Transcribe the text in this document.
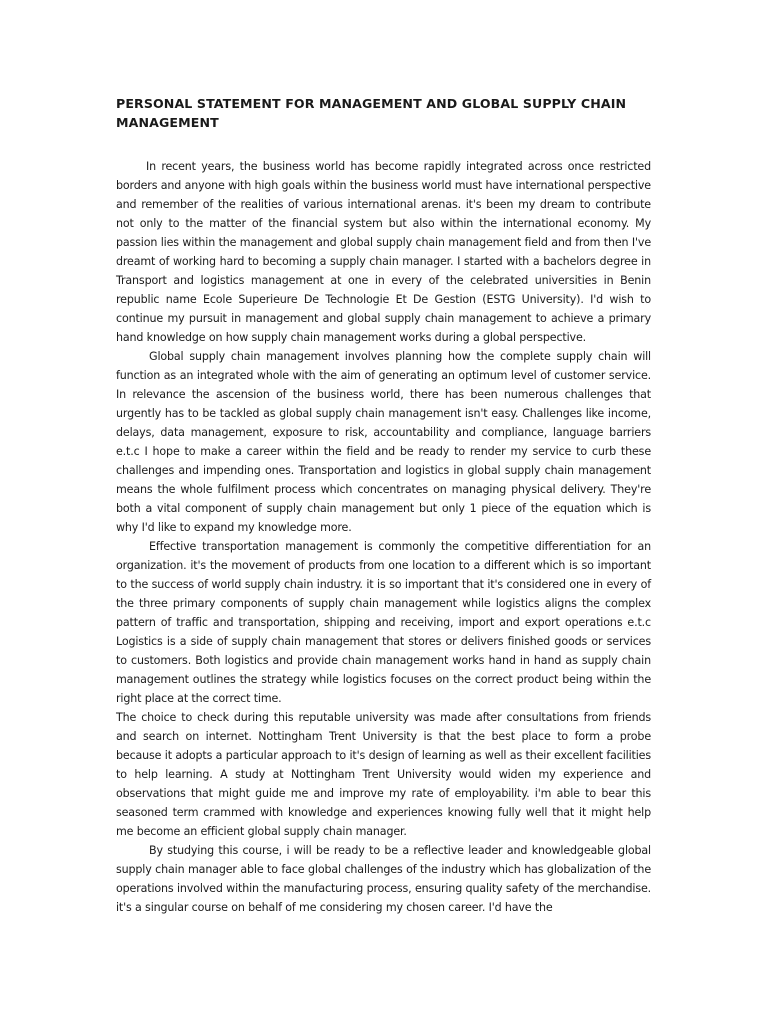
PERSONAL STATEMENT FOR MANAGEMENT AND GLOBAL SUPPLY CHAIN MANAGEMENT

In recent years, the business world has become rapidly integrated across once restricted borders and anyone with high goals within the business world must have international perspective and remember of the realities of various international arenas. it's been my dream to contribute not only to the matter of the financial system but also within the international economy. My passion lies within the management and global supply chain management field and from then I've dreamt of working hard to becoming a supply chain manager. I started with a bachelors degree in Transport and logistics management at one in every of the celebrated universities in Benin republic name Ecole Superieure De Technologie Et De Gestion (ESTG University). I'd wish to continue my pursuit in management and global supply chain management to achieve a primary hand knowledge on how supply chain management works during a global perspective.

Global supply chain management involves planning how the complete supply chain will function as an integrated whole with the aim of generating an optimum level of customer service. In relevance the ascension of the business world, there has been numerous challenges that urgently has to be tackled as global supply chain management isn't easy. Challenges like income, delays, data management, exposure to risk, accountability and compliance, language barriers e.t.c I hope to make a career within the field and be ready to render my service to curb these challenges and impending ones. Transportation and logistics in global supply chain management means the whole fulfilment process which concentrates on managing physical delivery. They're both a vital component of supply chain management but only 1 piece of the equation which is why I'd like to expand my knowledge more.

Effective transportation management is commonly the competitive differentiation for an organization. it's the movement of products from one location to a different which is so important to the success of world supply chain industry. it is so important that it's considered one in every of the three primary components of supply chain management while logistics aligns the complex pattern of traffic and transportation, shipping and receiving, import and export operations e.t.c Logistics is a side of supply chain management that stores or delivers finished goods or services to customers. Both logistics and provide chain management works hand in hand as supply chain management outlines the strategy while logistics focuses on the correct product being within the right place at the correct time.

The choice to check during this reputable university was made after consultations from friends and search on internet. Nottingham Trent University is that the best place to form a probe because it adopts a particular approach to it's design of learning as well as their excellent facilities to help learning. A study at Nottingham Trent University would widen my experience and observations that might guide me and improve my rate of employability. i'm able to bear this seasoned term crammed with knowledge and experiences knowing fully well that it might help me become an efficient global supply chain manager.

By studying this course, i will be ready to be a reflective leader and knowledgeable global supply chain manager able to face global challenges of the industry which has globalization of the operations involved within the manufacturing process, ensuring quality safety of the merchandise. it's a singular course on behalf of me considering my chosen career. I'd have the
